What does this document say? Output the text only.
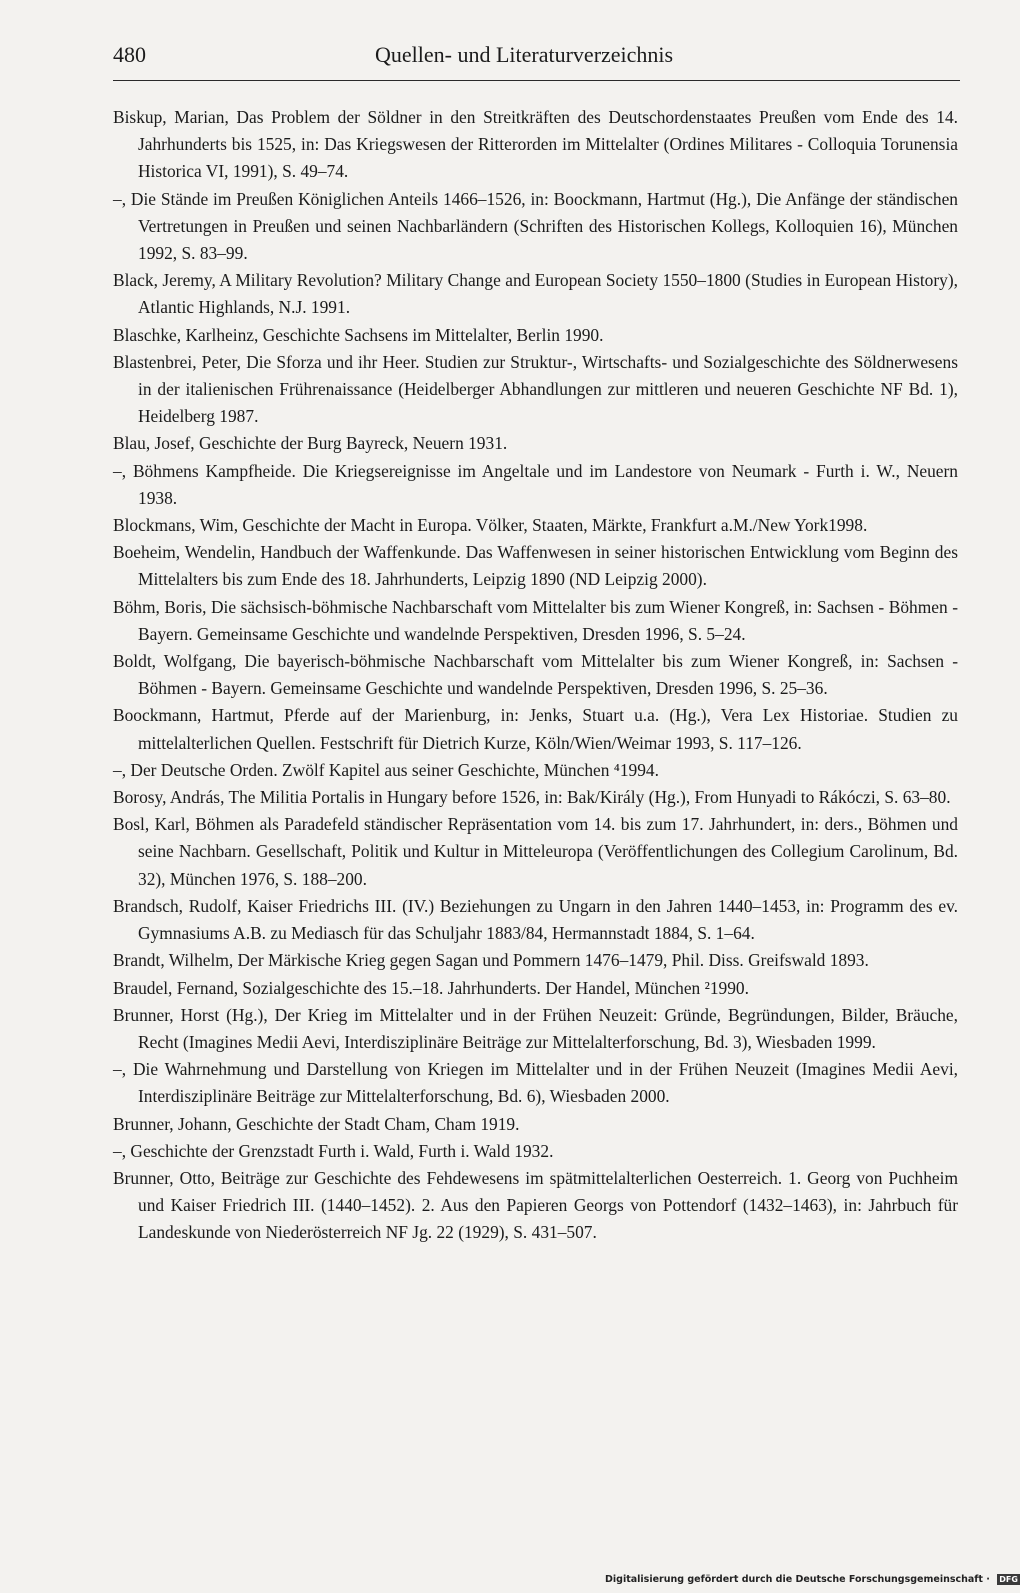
480	Quellen- und Literaturverzeichnis

Biskup, Marian, Das Problem der Söldner in den Streitkräften des Deutschordenstaates Preußen vom Ende des 14. Jahrhunderts bis 1525, in: Das Kriegswesen der Ritterorden im Mittelalter (Ordines Militares - Colloquia Torunensia Historica VI, 1991), S. 49–74.

–, Die Stände im Preußen Königlichen Anteils 1466–1526, in: Boockmann, Hartmut (Hg.), Die Anfänge der ständischen Vertretungen in Preußen und seinen Nachbarländern (Schriften des Historischen Kollegs, Kolloquien 16), München 1992, S. 83–99.

Black, Jeremy, A Military Revolution? Military Change and European Society 1550–1800 (Studies in European History), Atlantic Highlands, N.J. 1991.

Blaschke, Karlheinz, Geschichte Sachsens im Mittelalter, Berlin 1990.

Blastenbrei, Peter, Die Sforza und ihr Heer. Studien zur Struktur-, Wirtschafts- und Sozialgeschichte des Söldnerwesens in der italienischen Frührenaissance (Heidelberger Abhandlungen zur mittleren und neueren Geschichte NF Bd. 1), Heidelberg 1987.

Blau, Josef, Geschichte der Burg Bayreck, Neuern 1931.

–, Böhmens Kampfheide. Die Kriegsereignisse im Angeltale und im Landestore von Neumark - Furth i. W., Neuern 1938.

Blockmans, Wim, Geschichte der Macht in Europa. Völker, Staaten, Märkte, Frankfurt a.M./New York1998.

Boeheim, Wendelin, Handbuch der Waffenkunde. Das Waffenwesen in seiner historischen Entwicklung vom Beginn des Mittelalters bis zum Ende des 18. Jahrhunderts, Leipzig 1890 (ND Leipzig 2000).

Böhm, Boris, Die sächsisch-böhmische Nachbarschaft vom Mittelalter bis zum Wiener Kongreß, in: Sachsen - Böhmen - Bayern. Gemeinsame Geschichte und wandelnde Perspektiven, Dresden 1996, S. 5–24.

Boldt, Wolfgang, Die bayerisch-böhmische Nachbarschaft vom Mittelalter bis zum Wiener Kongreß, in: Sachsen - Böhmen - Bayern. Gemeinsame Geschichte und wandelnde Perspektiven, Dresden 1996, S. 25–36.

Boockmann, Hartmut, Pferde auf der Marienburg, in: Jenks, Stuart u.a. (Hg.), Vera Lex Historiae. Studien zu mittelalterlichen Quellen. Festschrift für Dietrich Kurze, Köln/Wien/Weimar 1993, S. 117–126.

–, Der Deutsche Orden. Zwölf Kapitel aus seiner Geschichte, München ⁴1994.

Borosy, András, The Militia Portalis in Hungary before 1526, in: Bak/Király (Hg.), From Hunyadi to Rákóczi, S. 63–80.

Bosl, Karl, Böhmen als Paradefeld ständischer Repräsentation vom 14. bis zum 17. Jahrhundert, in: ders., Böhmen und seine Nachbarn. Gesellschaft, Politik und Kultur in Mitteleuropa (Veröffentlichungen des Collegium Carolinum, Bd. 32), München 1976, S. 188–200.

Brandsch, Rudolf, Kaiser Friedrichs III. (IV.) Beziehungen zu Ungarn in den Jahren 1440–1453, in: Programm des ev. Gymnasiums A.B. zu Mediasch für das Schuljahr 1883/84, Hermannstadt 1884, S. 1–64.

Brandt, Wilhelm, Der Märkische Krieg gegen Sagan und Pommern 1476–1479, Phil. Diss. Greifswald 1893.

Braudel, Fernand, Sozialgeschichte des 15.–18. Jahrhunderts. Der Handel, München ²1990.

Brunner, Horst (Hg.), Der Krieg im Mittelalter und in der Frühen Neuzeit: Gründe, Begründungen, Bilder, Bräuche, Recht (Imagines Medii Aevi, Interdisziplinäre Beiträge zur Mittelalterforschung, Bd. 3), Wiesbaden 1999.

–, Die Wahrnehmung und Darstellung von Kriegen im Mittelalter und in der Frühen Neuzeit (Imagines Medii Aevi, Interdisziplinäre Beiträge zur Mittelalterforschung, Bd. 6), Wiesbaden 2000.

Brunner, Johann, Geschichte der Stadt Cham, Cham 1919.

–, Geschichte der Grenzstadt Furth i. Wald, Furth i. Wald 1932.

Brunner, Otto, Beiträge zur Geschichte des Fehdewesens im spätmittelalterlichen Oesterreich. 1. Georg von Puchheim und Kaiser Friedrich III. (1440–1452). 2. Aus den Papieren Georgs von Pottendorf (1432–1463), in: Jahrbuch für Landeskunde von Niederösterreich NF Jg. 22 (1929), S. 431–507.

Digitalisierung gefördert durch die Deutsche Forschungsgemeinschaft · DFG
